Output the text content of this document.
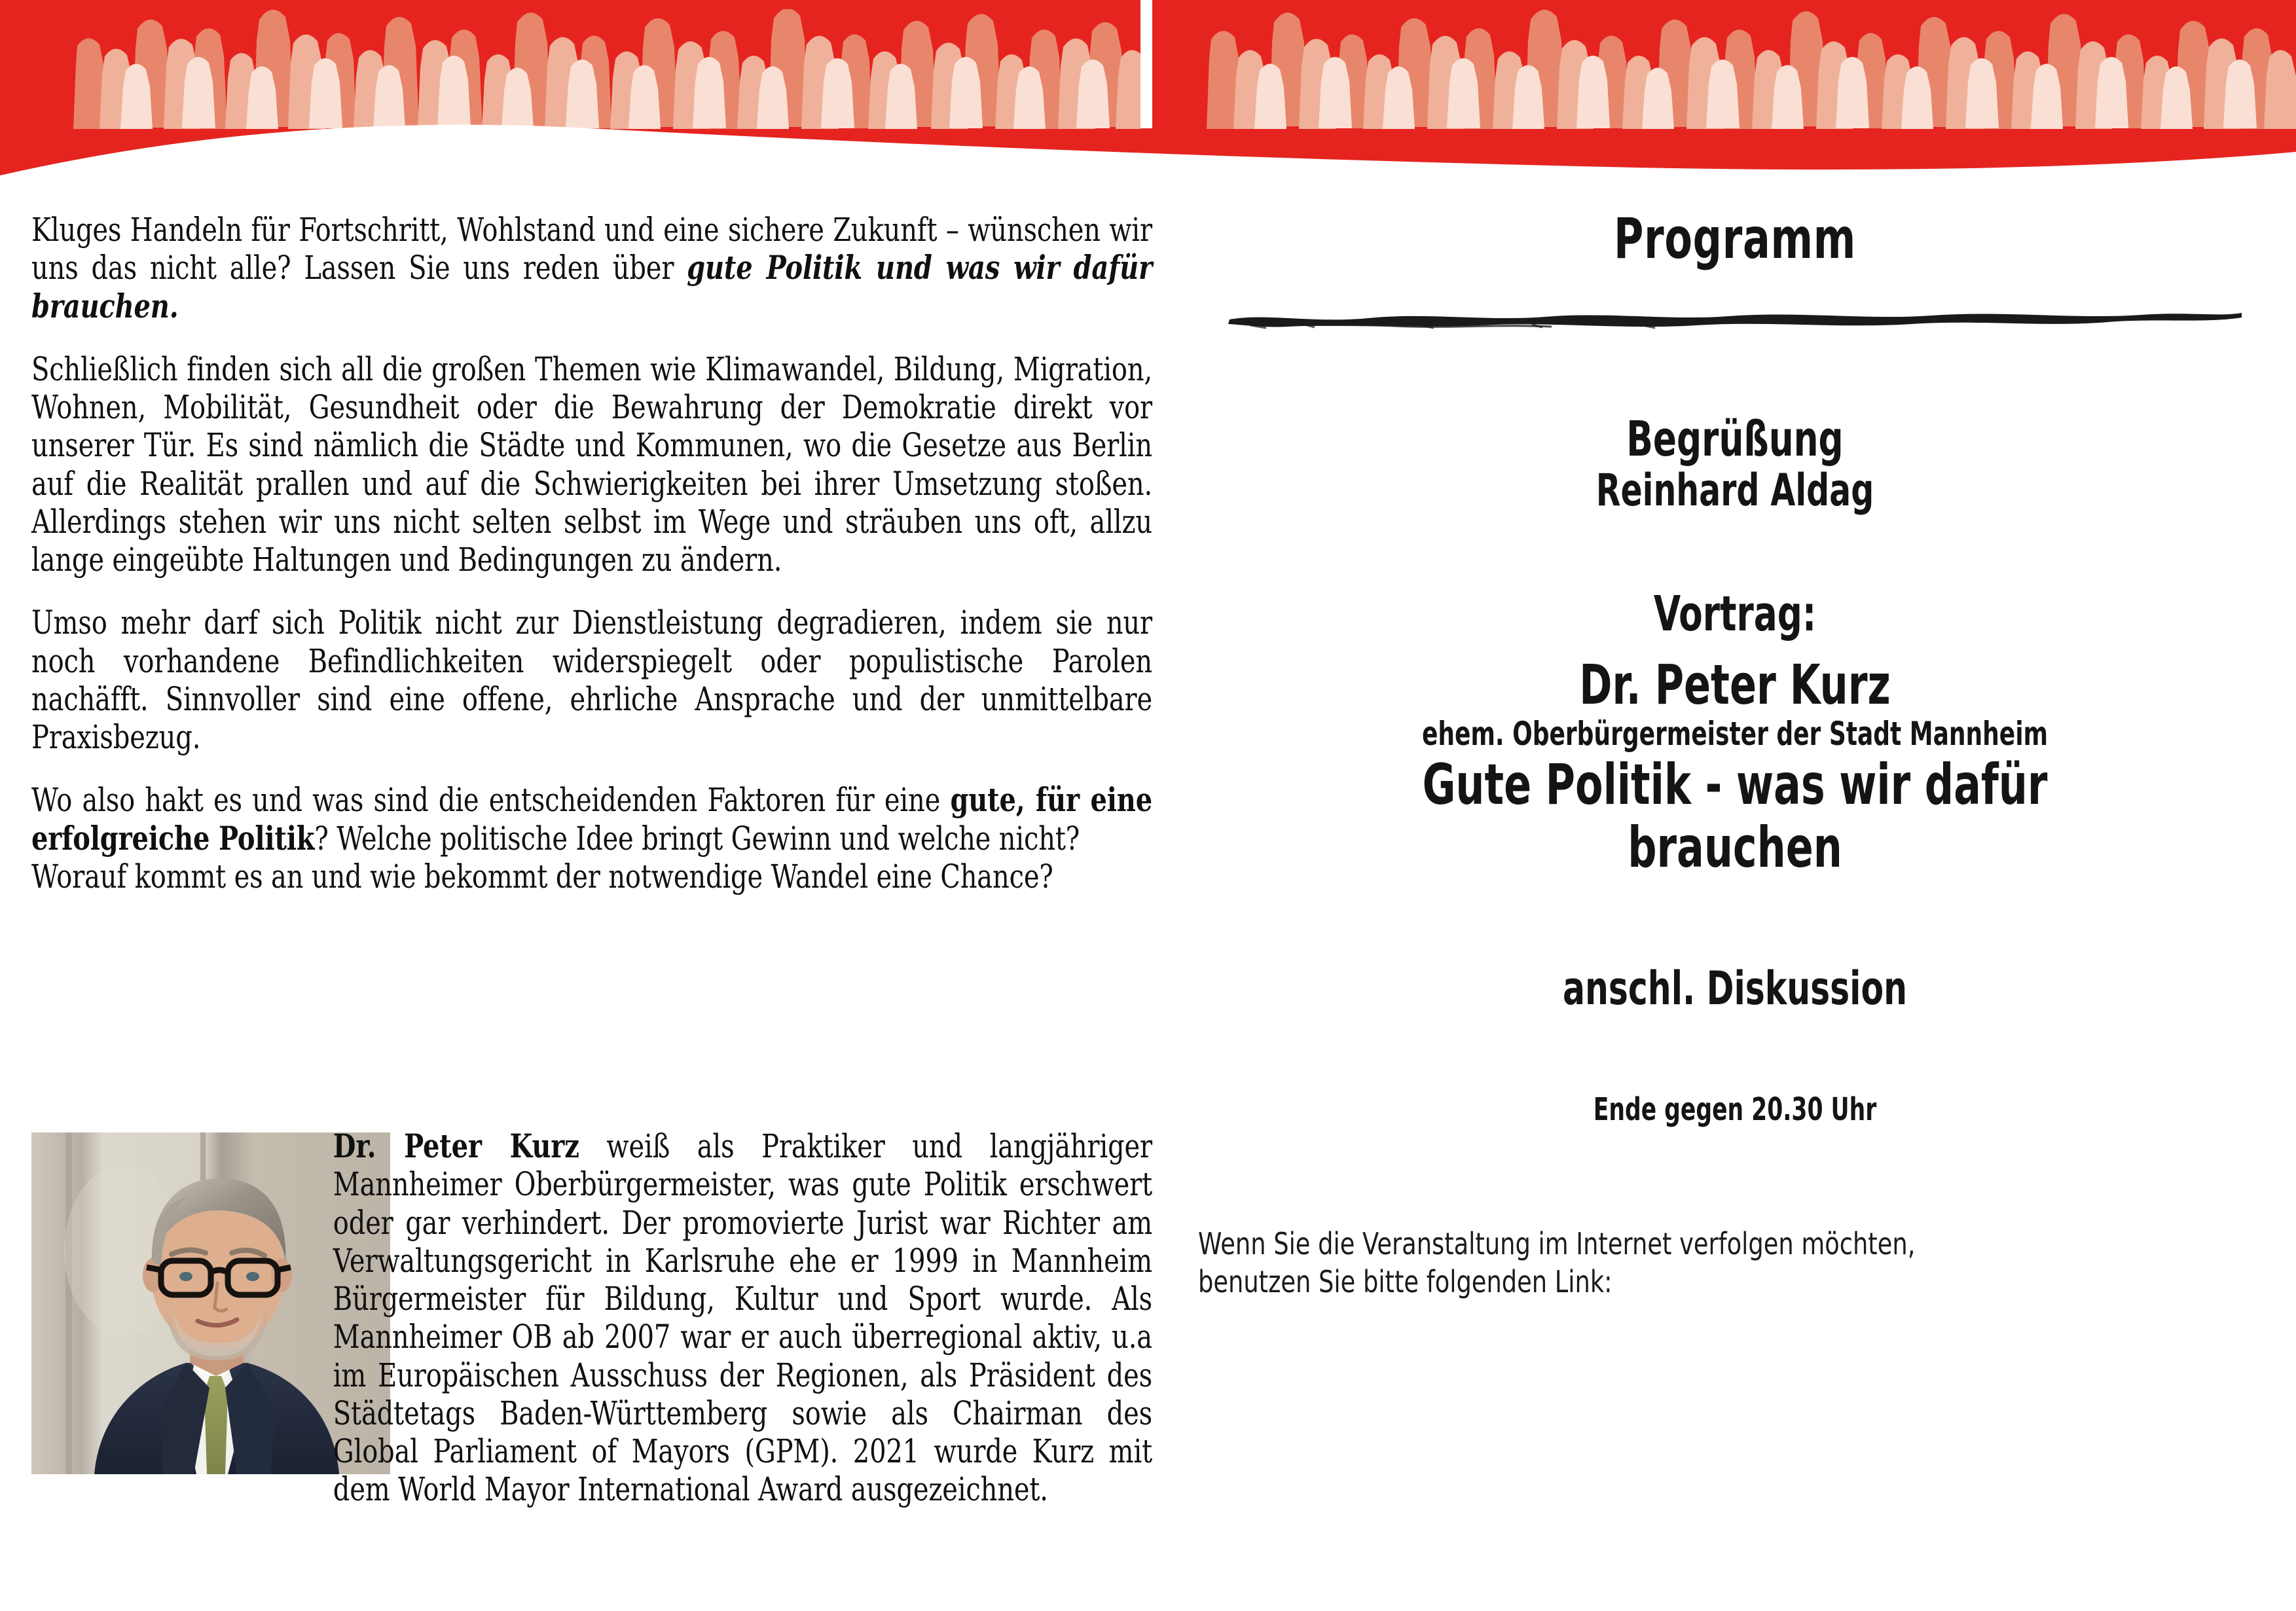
Kluges Handeln für Fortschritt, Wohlstand und eine sichere Zukunft – wünschen wir uns das nicht alle? Lassen Sie uns reden über gute Politik und was wir dafür brauchen.

Schließlich finden sich all die großen Themen wie Klimawandel, Bildung, Migration, Wohnen, Mobilität, Gesundheit oder die Bewahrung der Demokratie direkt vor unserer Tür. Es sind nämlich die Städte und Kommunen, wo die Gesetze aus Berlin auf die Realität prallen und auf die Schwierigkeiten bei ihrer Umsetzung stoßen. Allerdings stehen wir uns nicht selten selbst im Wege und sträuben uns oft, allzu lange eingeübte Haltungen und Bedingungen zu ändern.

Umso mehr darf sich Politik nicht zur Dienstleistung degradieren, indem sie nur noch vorhandene Befindlichkeiten widerspiegelt oder populistische Parolen nachäfft. Sinnvoller sind eine offene, ehrliche Ansprache und der unmittelbare Praxisbezug.

Wo also hakt es und was sind die entscheidenden Faktoren für eine gute, für eine erfolgreiche Politik? Welche politische Idee bringt Gewinn und welche nicht?
Worauf kommt es an und wie bekommt der notwendige Wandel eine Chance?

Dr. Peter Kurz weiß als Praktiker und langjähriger Mannheimer Oberbürgermeister, was gute Politik erschwert oder gar verhindert. Der promovierte Jurist war Richter am Verwaltungsgericht in Karlsruhe ehe er 1999 in Mannheim Bürgermeister für Bildung, Kultur und Sport wurde. Als Mannheimer OB ab 2007 war er auch überregional aktiv, u.a im Europäischen Ausschuss der Regionen, als Präsident des Städtetags Baden-Württemberg sowie als Chairman des Global Parliament of Mayors (GPM). 2021 wurde Kurz mit dem World Mayor International Award ausgezeichnet.
Programm
Begrüßung
Reinhard Aldag
Vortrag:
Dr. Peter Kurz
ehem. Oberbürgermeister der Stadt Mannheim
Gute Politik - was wir dafür brauchen
anschl. Diskussion
Ende gegen 20.30 Uhr
Wenn Sie die Veranstaltung im Internet verfolgen möchten,
benutzen Sie bitte folgenden Link:
